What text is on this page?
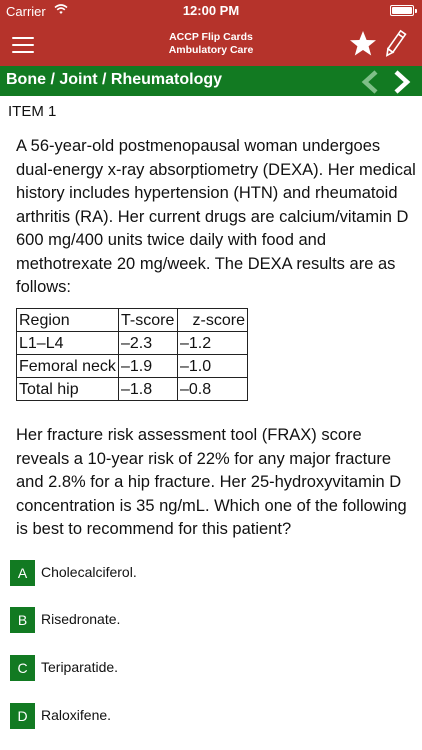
Carrier	12:00 PM
ACCP Flip Cards
Ambulatory Care
Bone / Joint / Rheumatology
ITEM 1
A 56-year-old postmenopausal woman undergoes dual-energy x-ray absorptiometry (DEXA). Her medical history includes hypertension (HTN) and rheumatoid arthritis (RA). Her current drugs are calcium/vitamin D 600 mg/400 units twice daily with food and methotrexate 20 mg/week. The DEXA results are as follows:
Region	T-score	z-score
L1–L4	–2.3	–1.2
Femoral neck	–1.9	–1.0
Total hip	–1.8	–0.8
Her fracture risk assessment tool (FRAX) score reveals a 10-year risk of 22% for any major fracture and 2.8% for a hip fracture. Her 25-hydroxyvitamin D concentration is 35 ng/mL. Which one of the following is best to recommend for this patient?
A Cholecalciferol.
B Risedronate.
C Teriparatide.
D Raloxifene.
